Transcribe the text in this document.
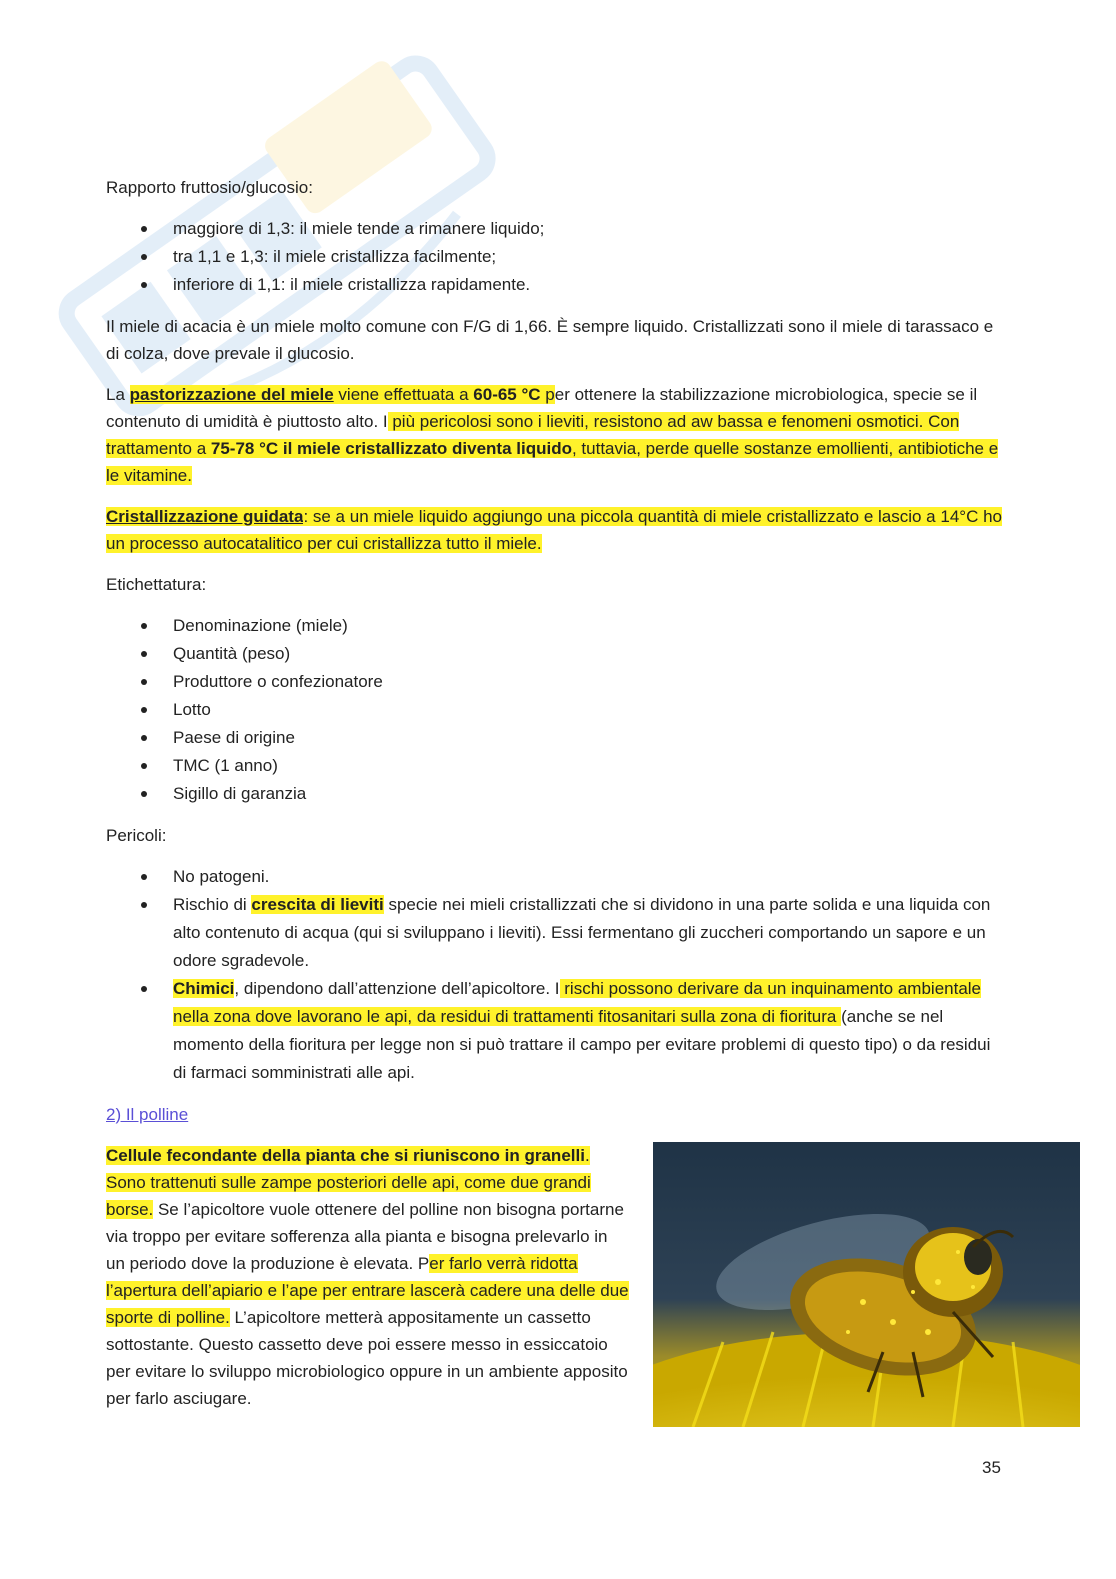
Rapporto fruttosio/glucosio:

maggiore di 1,3: il miele tende a rimanere liquido;
tra 1,1 e 1,3: il miele cristallizza facilmente;
inferiore di 1,1: il miele cristallizza rapidamente.

Il miele di acacia è un miele molto comune con F/G di 1,66. È sempre liquido. Cristallizzati sono il miele di tarassaco e di colza, dove prevale il glucosio.

La pastorizzazione del miele viene effettuata a 60-65 °C per ottenere la stabilizzazione microbiologica, specie se il contenuto di umidità è piuttosto alto. I più pericolosi sono i lieviti, resistono ad aw bassa e fenomeni osmotici. Con trattamento a 75-78 °C il miele cristallizzato diventa liquido, tuttavia, perde quelle sostanze emollienti, antibiotiche e le vitamine.

Cristallizzazione guidata: se a un miele liquido aggiungo una piccola quantità di miele cristallizzato e lascio a 14°C ho un processo autocatalitico per cui cristallizza tutto il miele.

Etichettatura:

Denominazione (miele)
Quantità (peso)
Produttore o confezionatore
Lotto
Paese di origine
TMC (1 anno)
Sigillo di garanzia

Pericoli:

No patogeni.
Rischio di crescita di lieviti specie nei mieli cristallizzati che si dividono in una parte solida e una liquida con alto contenuto di acqua (qui si sviluppano i lieviti). Essi fermentano gli zuccheri comportando un sapore e un odore sgradevole.
Chimici, dipendono dall’attenzione dell’apicoltore. I rischi possono derivare da un inquinamento ambientale nella zona dove lavorano le api, da residui di trattamenti fitosanitari sulla zona di fioritura (anche se nel momento della fioritura per legge non si può trattare il campo per evitare problemi di questo tipo) o da residui di farmaci somministrati alle api.

2) Il polline

Cellule fecondante della pianta che si riuniscono in granelli. Sono trattenuti sulle zampe posteriori delle api, come due grandi borse. Se l’apicoltore vuole ottenere del polline non bisogna portarne via troppo per evitare sofferenza alla pianta e bisogna prelevarlo in un periodo dove la produzione è elevata. Per farlo verrà ridotta l’apertura dell’apiario e l’ape per entrare lascerà cadere una delle due sporte di polline. L’apicoltore metterà appositamente un cassetto sottostante. Questo cassetto deve poi essere messo in essiccatoio per evitare lo sviluppo microbiologico oppure in un ambiente apposito per farlo asciugare.

35
